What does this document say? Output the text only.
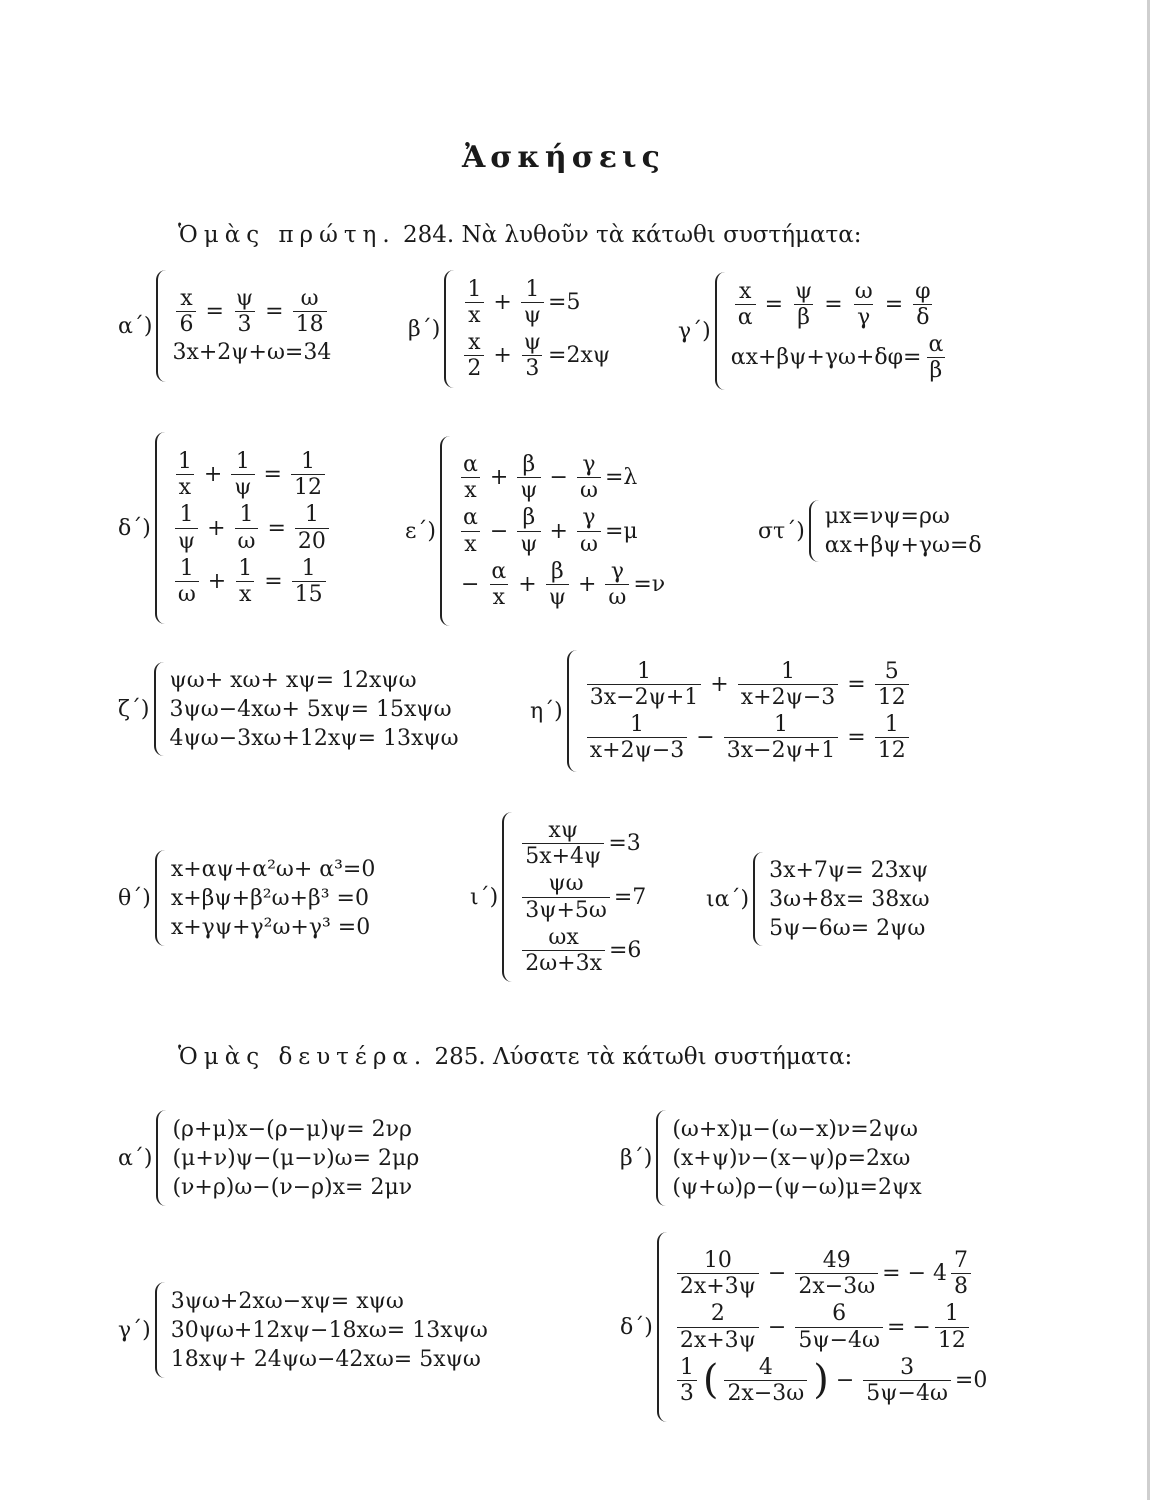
Ἀσκήσεις
Ὁμὰς πρώτη. 284. Νὰ λυθοῦν τὰ κάτωθι συστήματα:
$\alpha΄) \frac{x}{6} = \frac{\psi}{3} = \frac{\omega}{18}$
3x+2ψ+ω=34
β΄)
$\frac{1}{x} + \frac{1}{\psi} =5$
$\frac{x}{2} + \frac{\psi}{3} =2x\psi$
γ΄)
$\frac{x}{\alpha} = \frac{\psi}{\beta} = \frac{\omega}{\gamma} = \frac{\varphi}{\delta}$
$\alpha x+\beta\psi+\gamma\omega+\delta\varphi= \frac{\alpha}{\beta}$
δ΄)
$\frac{1}{x} + \frac{1}{\psi} = \frac{1}{12}$
$\frac{1}{\psi} + \frac{1}{\omega} = \frac{1}{20}$
$\frac{1}{\omega} + \frac{1}{x} = \frac{1}{15}$
ε΄)
$\frac{\alpha}{x} + \frac{\beta}{\psi} - \frac{\gamma}{\omega} =\lambda$
$\frac{\alpha}{x} - \frac{\beta}{\psi} + \frac{\gamma}{\omega} =\mu$
− $\frac{\alpha}{x} + \frac{\beta}{\psi} + \frac{\gamma}{\omega} =\nu$
στ΄)
μx=νψ=ρω
αx+βψ+γω=δ
ζ΄)
ψω+ xω+ xψ= 12xψω
3ψω−4xω+ 5xψ= 15xψω
4ψω−3xω+12xψ= 13xψω
η΄)
$\frac{1}{3x-2\psi+1} + \frac{1}{x+2\psi-3} = \frac{5}{12}$
$\frac{1}{x+2\psi-3} - \frac{1}{3x-2\psi+1} = \frac{1}{12}$
θ΄)
x+αψ+α²ω+ α³=0
x+βψ+β²ω+β³ =0
x+γψ+γ²ω+γ³ =0
ι΄)
$\frac{x\psi}{5x+4\psi} =3$
$\frac{\psi\omega}{3\psi+5\omega} =7$
$\frac{\omega x}{2\omega+3x} =6$
ια΄)
3x+7ψ= 23xψ
3ω+8x= 38xω
5ψ−6ω= 2ψω
Ὁμὰς δευτέρα. 285. Λύσατε τὰ κάτωθι συστήματα:
α΄)
(ρ+μ)x−(ρ−μ)ψ= 2νρ
(μ+ν)ψ−(μ−ν)ω= 2μρ
(ν+ρ)ω−(ν−ρ)x= 2μν
β΄)
(ω+x)μ−(ω−x)ν=2ψω
(x+ψ)ν−(x−ψ)ρ=2xω
(ψ+ω)ρ−(ψ−ω)μ=2ψx
γ΄)
3ψω+2xω−xψ= xψω
30ψω+12xψ−18xω= 13xψω
18xψ+ 24ψω−42xω= 5xψω
δ΄)
$\frac{10}{2x+3\psi} - \frac{49}{2x-3\omega}$ = − $4 \frac{7}{8}$
$\frac{2}{2x+3\psi} - \frac{6}{5\psi-4\omega}$ = − $\frac{1}{12}$
$\frac{1}{3}$ ( $\frac{4}{2x-3\omega}$ ) − $\frac{3}{5\psi-4\omega} =0$
